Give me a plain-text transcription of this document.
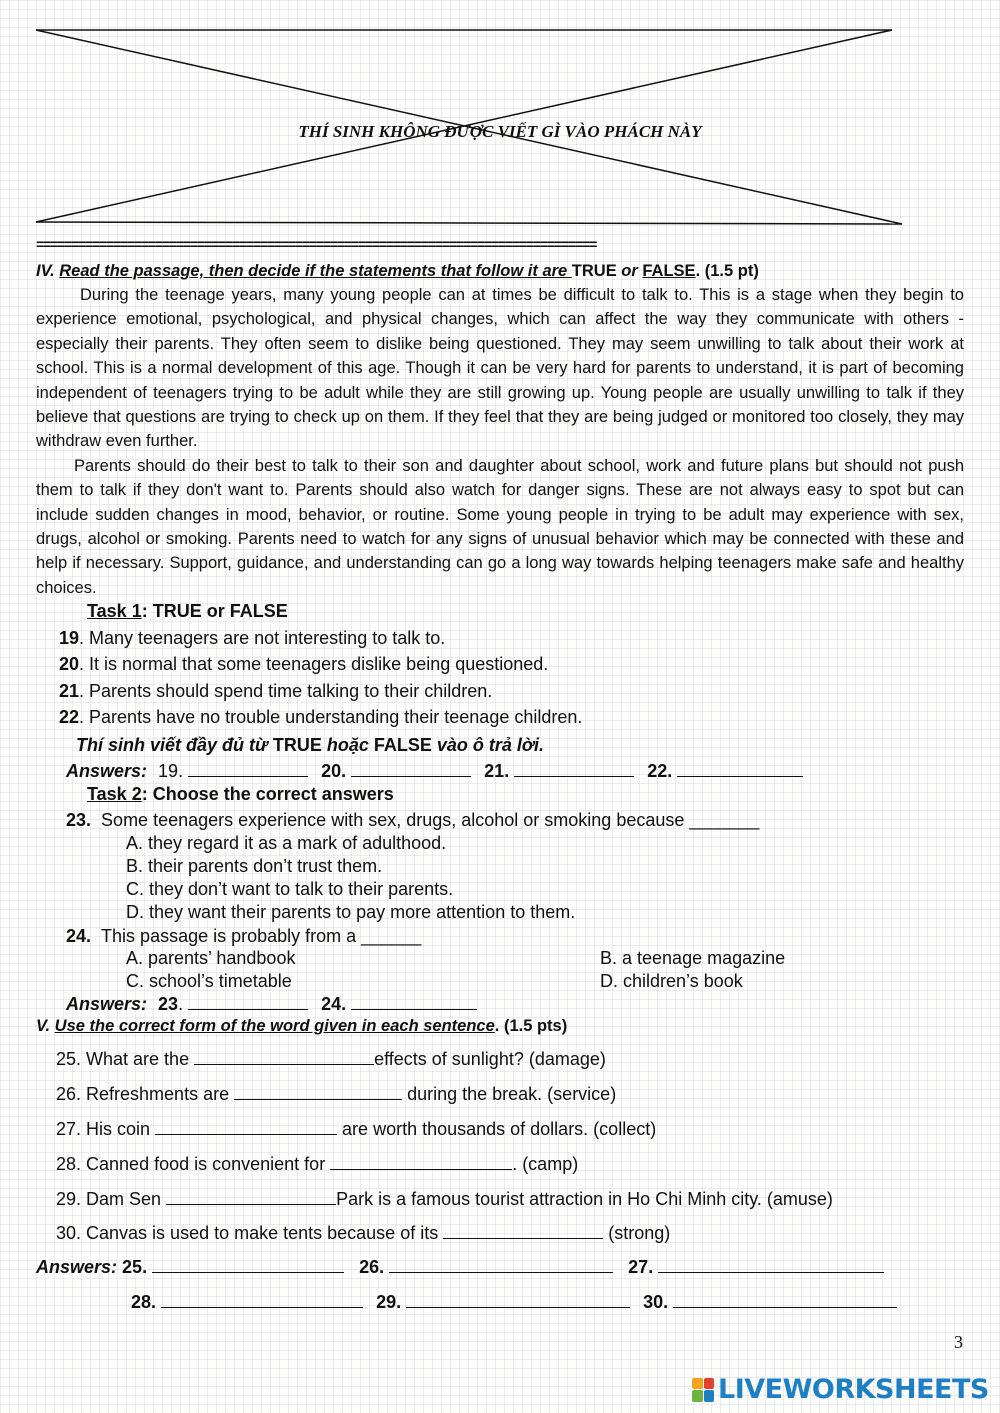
THÍ SINH KHÔNG ĐƯỢC VIẾT GÌ VÀO PHÁCH NÀY
================================================================================
IV. Read the passage, then decide if the statements that follow it are TRUE or FALSE. (1.5 pt)

During the teenage years, many young people can at times be difficult to talk to. This is a stage when they begin to experience emotional, psychological, and physical changes, which can affect the way they communicate with others - especially their parents. They often seem to dislike being questioned. They may seem unwilling to talk about their work at school. This is a normal development of this age. Though it can be very hard for parents to understand, it is part of becoming independent of teenagers trying to be adult while they are still growing up. Young people are usually unwilling to talk if they believe that questions are trying to check up on them. If they feel that they are being judged or monitored too closely, they may withdraw even further.

Parents should do their best to talk to their son and daughter about school, work and future plans but should not push them to talk if they don't want to. Parents should also watch for danger signs. These are not always easy to spot but can include sudden changes in mood, behavior, or routine. Some young people in trying to be adult may experience with sex, drugs, alcohol or smoking. Parents need to watch for any signs of unusual behavior which may be connected with these and help if necessary. Support, guidance, and understanding can go a long way towards helping teenagers make safe and healthy choices.

Task 1: TRUE or FALSE
19. Many teenagers are not interesting to talk to.
20. It is normal that some teenagers dislike being questioned.
21. Parents should spend time talking to their children.
22. Parents have no trouble understanding their teenage children.
Thí sinh viết đầy đủ từ TRUE hoặc FALSE vào ô trả lời.
Answers: 19.	20.	21.	22.
Task 2: Choose the correct answers
23. Some teenagers experience with sex, drugs, alcohol or smoking because _______
A. they regard it as a mark of adulthood.
B. their parents don’t trust them.
C. they don’t want to talk to their parents.
D. they want their parents to pay more attention to them.
24. This passage is probably from a ______
A. parents’ handbook	B. a teenage magazine
C. school’s timetable	D. children’s book
Answers: 23.	24.
V. Use the correct form of the word given in each sentence. (1.5 pts)
25. What are the	effects of sunlight? (damage)
26. Refreshments are	during the break. (service)
27. His coin	are worth thousands of dollars. (collect)
28. Canned food is convenient for	. (camp)
29. Dam Sen	Park is a famous tourist attraction in Ho Chi Minh city. (amuse)
30. Canvas is used to make tents because of its	(strong)
Answers: 25.	26.	27.
28.	29.	30.
3
LIVEWORKSHEETS
